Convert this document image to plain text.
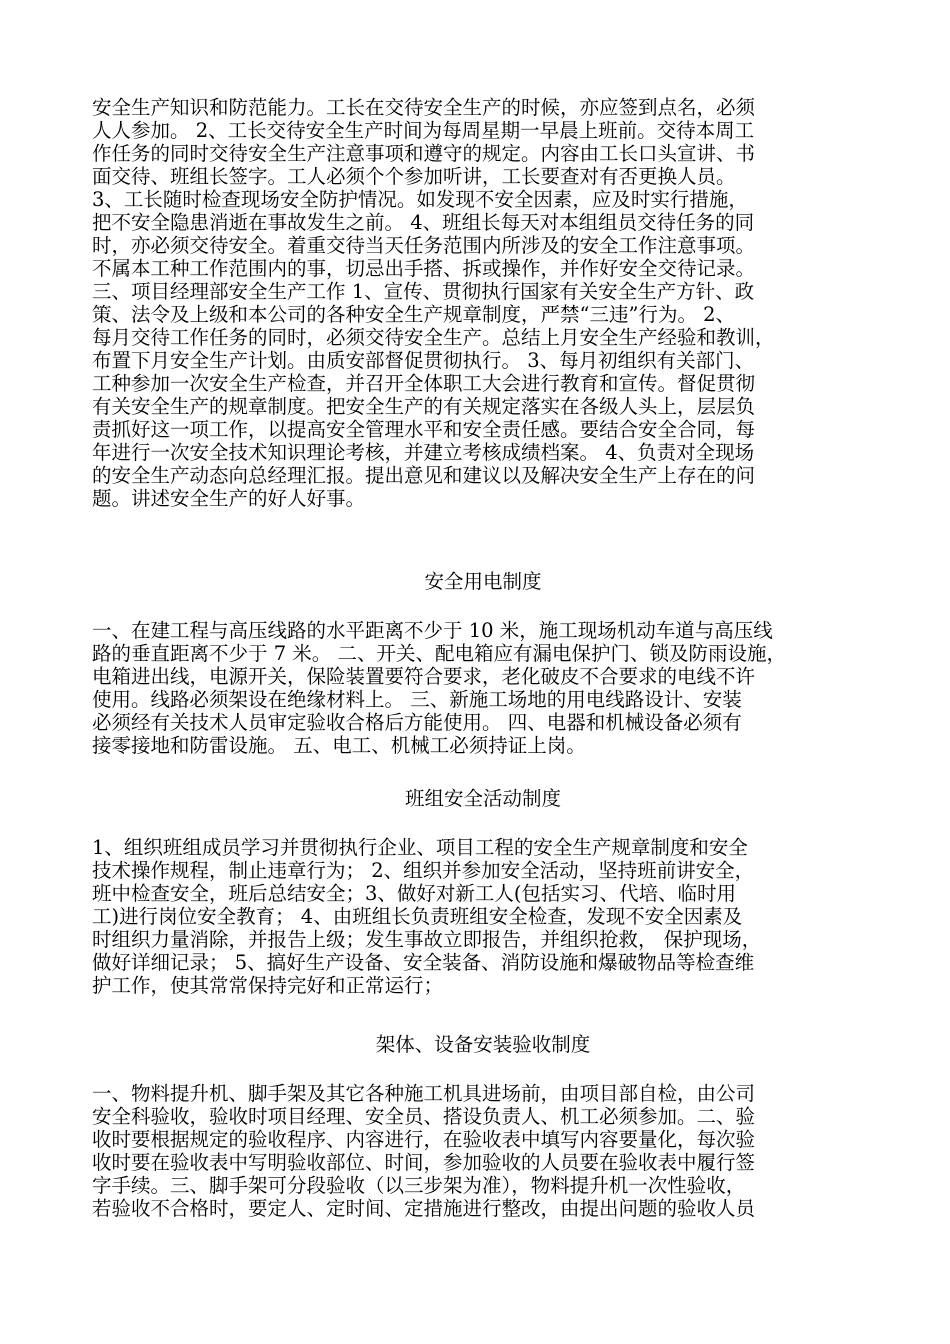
安全生产知识和防范能力。工长在交待安全生产的时候，亦应签到点名，必须
人人参加。 2、工长交待安全生产时间为每周星期一早晨上班前。交待本周工
作任务的同时交待安全生产注意事项和遵守的规定。内容由工长口头宣讲、书
面交待、班组长签字。工人必须个个参加听讲，工长要查对有否更换人员。
3、工长随时检查现场安全防护情况。如发现不安全因素，应及时实行措施，
把不安全隐患消逝在事故发生之前。 4、班组长每天对本组组员交待任务的同
时，亦必须交待安全。着重交待当天任务范围内所涉及的安全工作注意事项。
不属本工种工作范围内的事，切忌出手搭、拆或操作，并作好安全交待记录。
三、项目经理部安全生产工作 1、宣传、贯彻执行国家有关安全生产方针、政
策、法令及上级和本公司的各种安全生产规章制度，严禁“三违”行为。 2、
每月交待工作任务的同时，必须交待安全生产。总结上月安全生产经验和教训，
布置下月安全生产计划。由质安部督促贯彻执行。 3、每月初组织有关部门、
工种参加一次安全生产检查，并召开全体职工大会进行教育和宣传。督促贯彻
有关安全生产的规章制度。把安全生产的有关规定落实在各级人头上，层层负
责抓好这一项工作，以提高安全管理水平和安全责任感。要结合安全合同，每
年进行一次安全技术知识理论考核，并建立考核成绩档案。 4、负责对全现场
的安全生产动态向总经理汇报。提出意见和建议以及解决安全生产上存在的问
题。讲述安全生产的好人好事。
安全用电制度
一、在建工程与高压线路的水平距离不少于 10 米，施工现场机动车道与高压线
路的垂直距离不少于 7 米。 二、开关、配电箱应有漏电保护门、锁及防雨设施，
电箱进出线，电源开关，保险装置要符合要求，老化破皮不合要求的电线不许
使用。线路必须架设在绝缘材料上。 三、新施工场地的用电线路设计、安装
必须经有关技术人员审定验收合格后方能使用。 四、电器和机械设备必须有
接零接地和防雷设施。 五、电工、机械工必须持证上岗。
班组安全活动制度
1、组织班组成员学习并贯彻执行企业、项目工程的安全生产规章制度和安全
技术操作规程，制止违章行为； 2、组织并参加安全活动，坚持班前讲安全，
班中检查安全，班后总结安全；3、做好对新工人(包括实习、代培、临时用
工)进行岗位安全教育； 4、由班组长负责班组安全检查，发现不安全因素及
时组织力量消除，并报告上级；发生事故立即报告，并组织抢救， 保护现场，
做好详细记录； 5、搞好生产设备、安全装备、消防设施和爆破物品等检查维
护工作，使其常常保持完好和正常运行；
架体、设备安装验收制度
一、物料提升机、脚手架及其它各种施工机具进场前，由项目部自检，由公司
安全科验收，验收时项目经理、安全员、搭设负责人、机工必须参加。二、验
收时要根据规定的验收程序、内容进行，在验收表中填写内容要量化，每次验
收时要在验收表中写明验收部位、时间，参加验收的人员要在验收表中履行签
字手续。三、脚手架可分段验收（以三步架为准），物料提升机一次性验收，
若验收不合格时，要定人、定时间、定措施进行整改，由提出问题的验收人员
